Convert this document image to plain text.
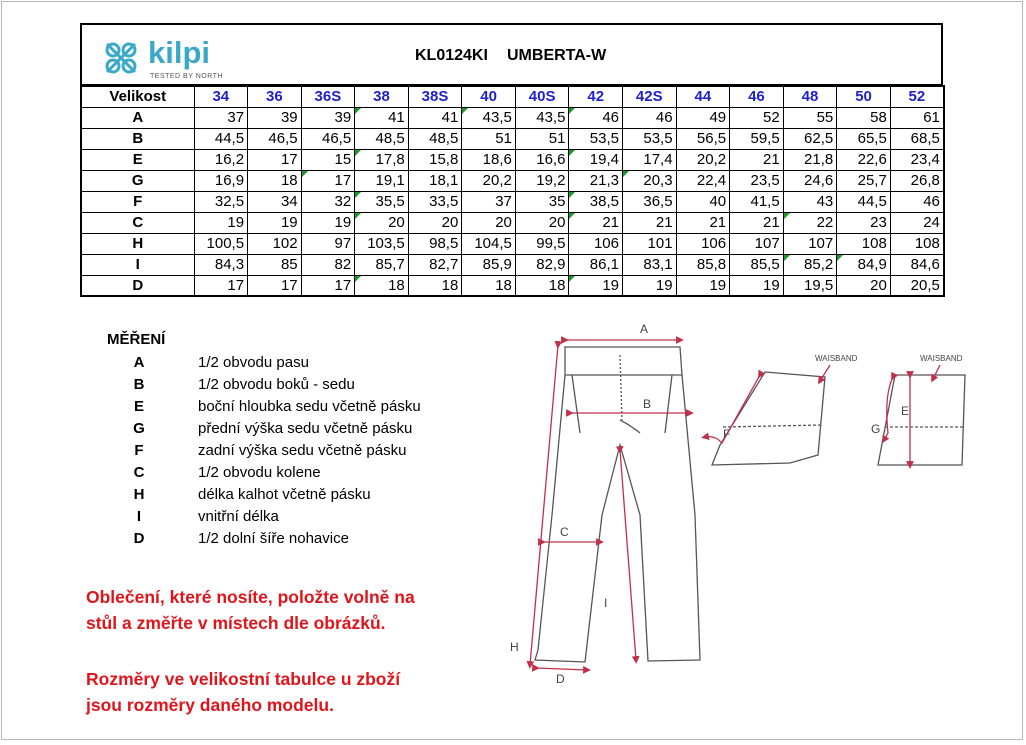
kilpi
TESTED BY NORTH
KL0124KI UMBERTA-W
Velikost	34	36	36S	38	38S	40	40S	42	42S	44	46	48	50	52
A	37	39	39	41	41	43,5	43,5	46	46	49	52	55	58	61
B	44,5	46,5	46,5	48,5	48,5	51	51	53,5	53,5	56,5	59,5	62,5	65,5	68,5
E	16,2	17	15	17,8	15,8	18,6	16,6	19,4	17,4	20,2	21	21,8	22,6	23,4
G	16,9	18	17	19,1	18,1	20,2	19,2	21,3	20,3	22,4	23,5	24,6	25,7	26,8
F	32,5	34	32	35,5	33,5	37	35	38,5	36,5	40	41,5	43	44,5	46
C	19	19	19	20	20	20	20	21	21	21	21	22	23	24
H	100,5	102	97	103,5	98,5	104,5	99,5	106	101	106	107	107	108	108
I	84,3	85	82	85,7	82,7	85,9	82,9	86,1	83,1	85,8	85,5	85,2	84,9	84,6
D	17	17	17	18	18	18	18	19	19	19	19	19,5	20	20,5
MĚŘENÍ
A	1/2 obvodu pasu
B	1/2 obvodu boků - sedu
E	boční hloubka sedu včetně pásku
G	přední výška sedu včetně pásku
F	zadní výška sedu včetně pásku
C	1/2 obvodu kolene
H	délka kalhot včetně pásku
I	vnitřní délka
D	1/2 dolní šíře nohavice
Oblečení, které nosíte, položte volně na stůl a změřte v místech dle obrázků.
Rozměry ve velikostní tabulce u zboží jsou rozměry daného modelu.
A
B
C
H
I
D
F
WAISBAND
E
G
WAISBAND
